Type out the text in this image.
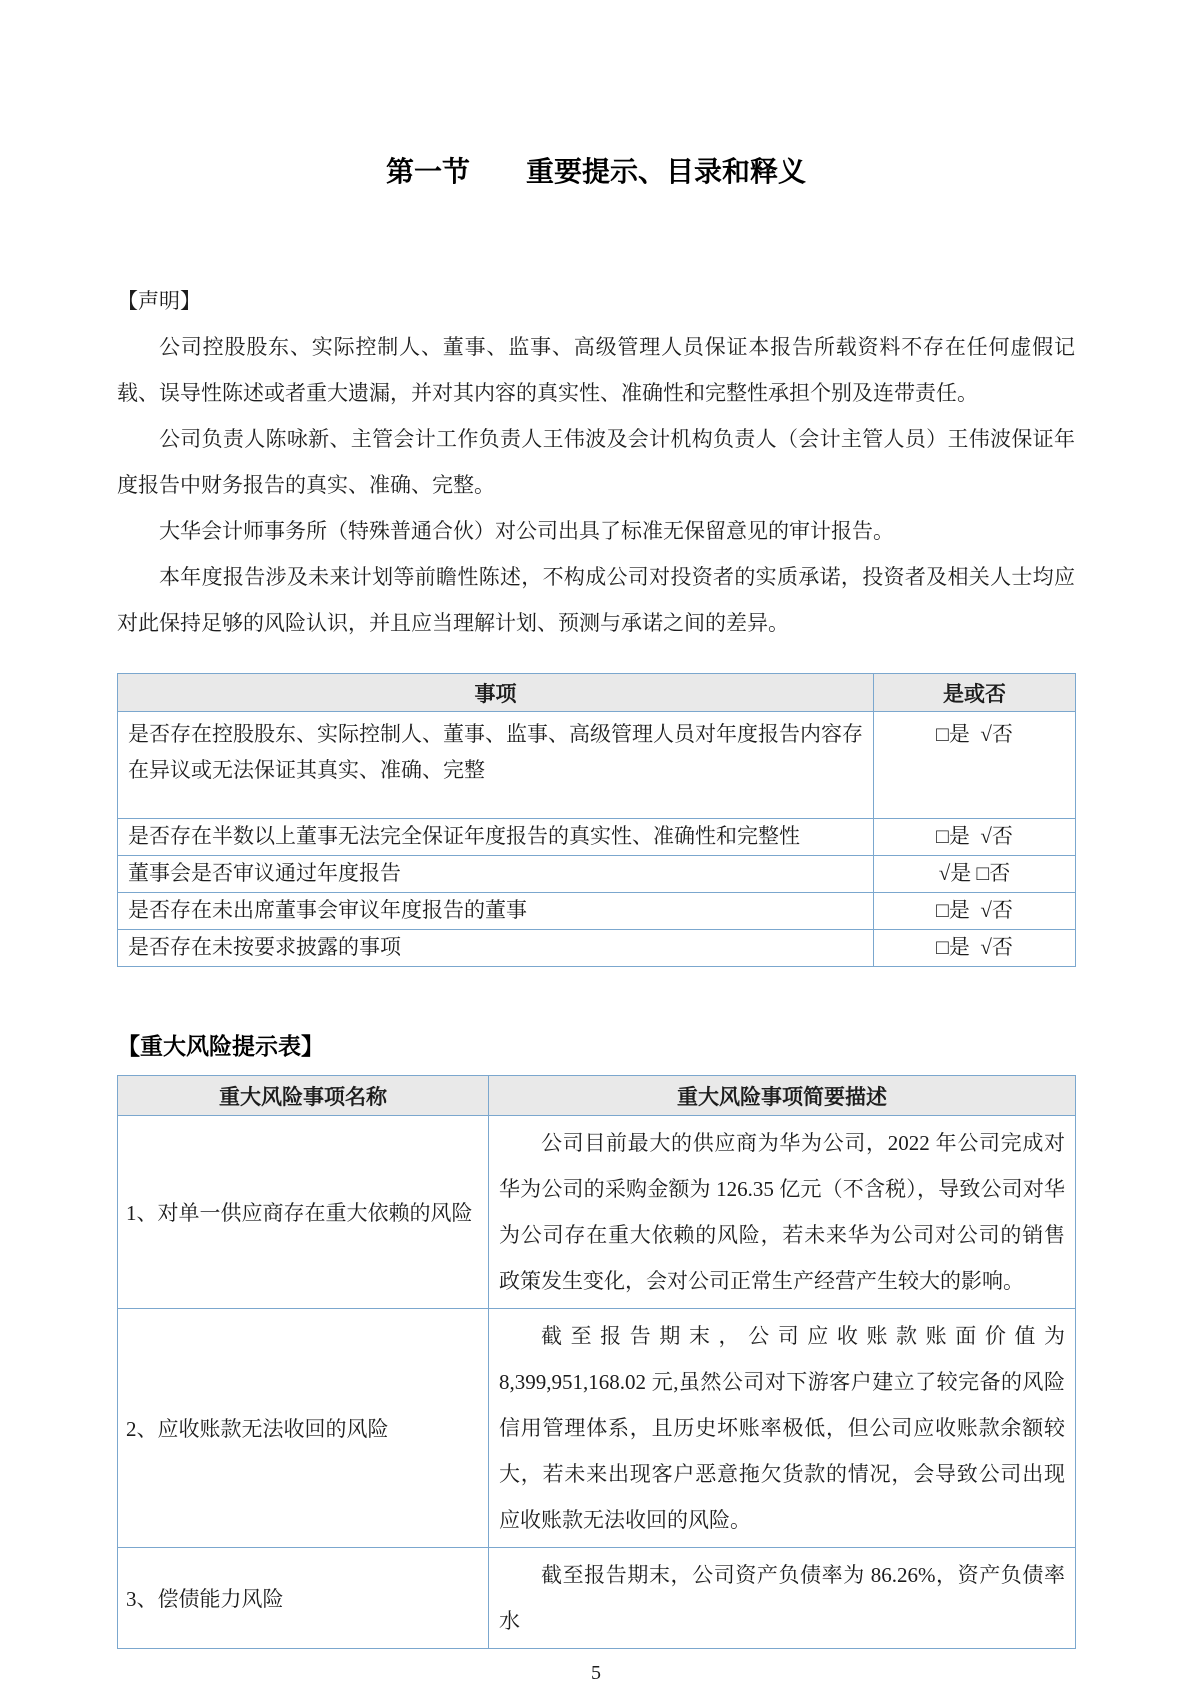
第一节　　重要提示、目录和释义
【声明】

公司控股股东、实际控制人、董事、监事、高级管理人员保证本报告所载资料不存在任何虚假记载、误导性陈述或者重大遗漏，并对其内容的真实性、准确性和完整性承担个别及连带责任。

公司负责人陈咏新、主管会计工作负责人王伟波及会计机构负责人（会计主管人员）王伟波保证年度报告中财务报告的真实、准确、完整。

大华会计师事务所（特殊普通合伙）对公司出具了标准无保留意见的审计报告。

本年度报告涉及未来计划等前瞻性陈述，不构成公司对投资者的实质承诺，投资者及相关人士均应对此保持足够的风险认识，并且应当理解计划、预测与承诺之间的差异。

事项	是或否
是否存在控股股东、实际控制人、董事、监事、高级管理人员对年度报告内容存在异议或无法保证其真实、准确、完整	□是  √否
是否存在半数以上董事无法完全保证年度报告的真实性、准确性和完整性	□是  √否
董事会是否审议通过年度报告	√是 □否
是否存在未出席董事会审议年度报告的董事	□是  √否
是否存在未按要求披露的事项	□是  √否
【重大风险提示表】
重大风险事项名称	重大风险事项简要描述
1、对单一供应商存在重大依赖的风险	公司目前最大的供应商为华为公司，2022 年公司完成对华为公司的采购金额为 126.35 亿元（不含税），导致公司对华为公司存在重大依赖的风险，若未来华为公司对公司的销售政策发生变化，会对公司正常生产经营产生较大的影响。
2、应收账款无法收回的风险	截至报告期末，公司应收账款账面价值为 8,399,951,168.02 元,虽然公司对下游客户建立了较完备的风险信用管理体系，且历史坏账率极低，但公司应收账款余额较大，若未来出现客户恶意拖欠货款的情况，会导致公司出现应收账款无法收回的风险。
3、偿债能力风险	截至报告期末，公司资产负债率为 86.26%，资产负债率水
5
